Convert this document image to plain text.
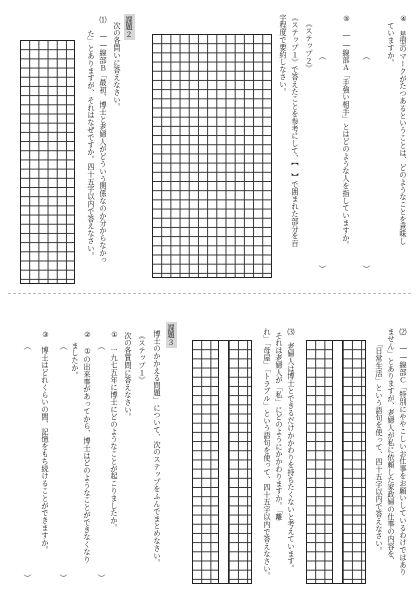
④　星型のマークがたつあるということは、どのようなことを意味し
ていますか。
（
）
⑤　――線部Ａ「手強い相手」とはどのような人を指していますか。
（
）
《ステップ２》
《ステップ１》で答えたことを参考にして、【　】で囲まれた部分を百
字程度で要約しなさい。
課題２
次の各問いに答えなさい。
⑴　――線部Ｂ「最初、博士と老婦人がどういう関係なのか分からなかっ
た」とありますが、それはなぜですか。四十五字以内で答えなさい。
⑵　――線部Ｃ「特別にややこしいお仕事をお願いしているわけではあり
ません」とありますが、老婦人が私に依頼した家政婦の仕事の内容を、
「日常生活」という語句を使って、四十五字以内で答えなさい。
⑶　老婦人は博士とできるだけかかわりを持ちたくないと考えています。
それは老婦人が「私」にどのようにかかわりますか。「離
れ」「母屋」「トラブル」という語句を使って、四十五字以内で答えなさい。
課題３
博士のかかえる問題」について、次のステップをふんでまとめなさい。
《ステップ１》
次の各質問に答えなさい。
①　一九七五年に博士にどのようなことが起こりましたか。
（
）
②　①の出来事があってから、博士はどのようなことができなくなり
ましたか。
（
）
③　博士はどれくらいの間、記憶をもち続けることができますか。
（
）
